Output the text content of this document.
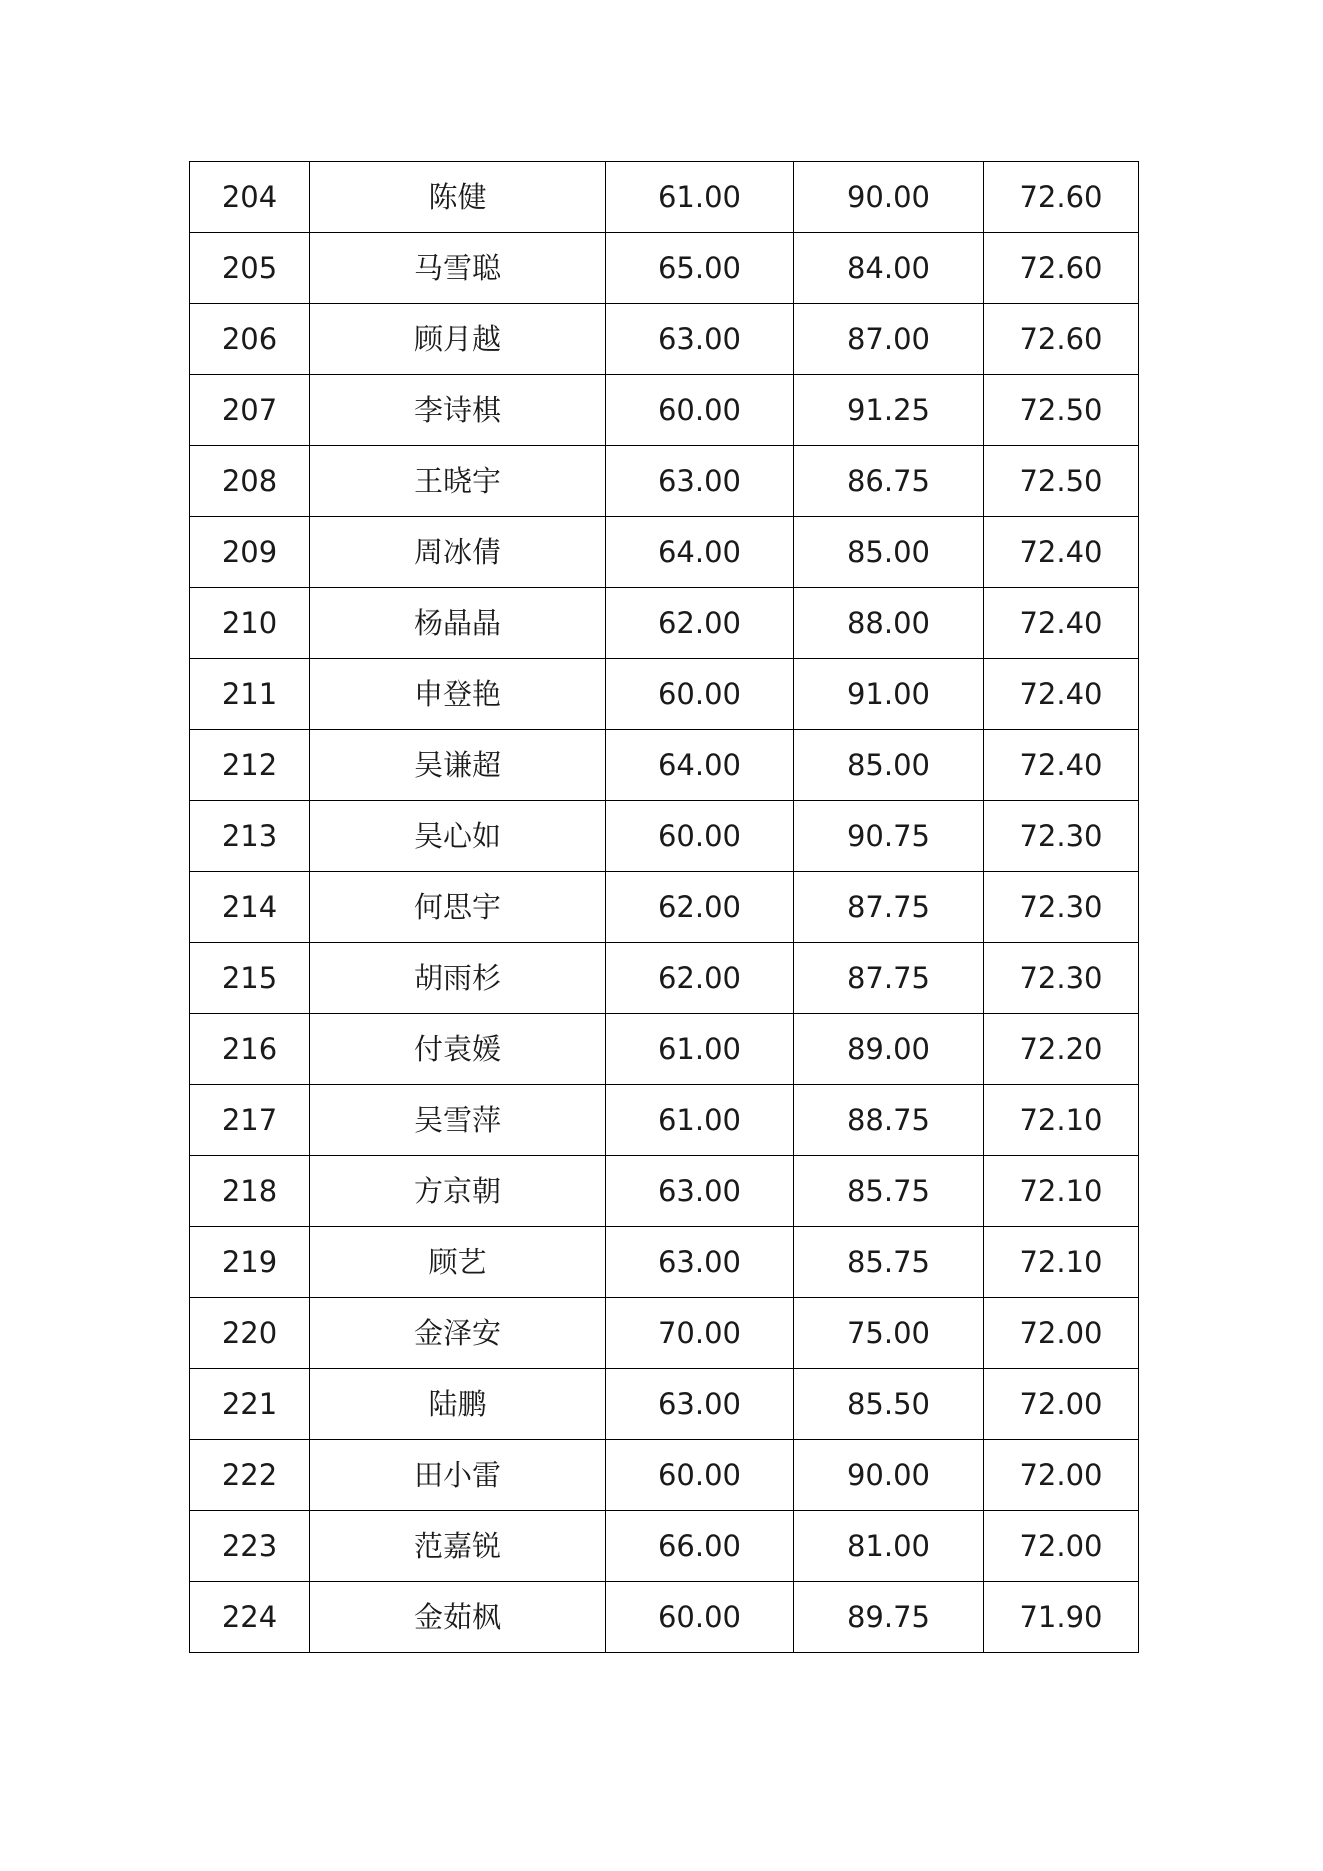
204	陈健	61.00	90.00	72.60
205	马雪聪	65.00	84.00	72.60
206	顾月越	63.00	87.00	72.60
207	李诗棋	60.00	91.25	72.50
208	王晓宇	63.00	86.75	72.50
209	周冰倩	64.00	85.00	72.40
210	杨晶晶	62.00	88.00	72.40
211	申登艳	60.00	91.00	72.40
212	吴谦超	64.00	85.00	72.40
213	吴心如	60.00	90.75	72.30
214	何思宇	62.00	87.75	72.30
215	胡雨杉	62.00	87.75	72.30
216	付袁媛	61.00	89.00	72.20
217	吴雪萍	61.00	88.75	72.10
218	方京朝	63.00	85.75	72.10
219	顾艺	63.00	85.75	72.10
220	金泽安	70.00	75.00	72.00
221	陆鹏	63.00	85.50	72.00
222	田小雷	60.00	90.00	72.00
223	范嘉锐	66.00	81.00	72.00
224	金茹枫	60.00	89.75	71.90
